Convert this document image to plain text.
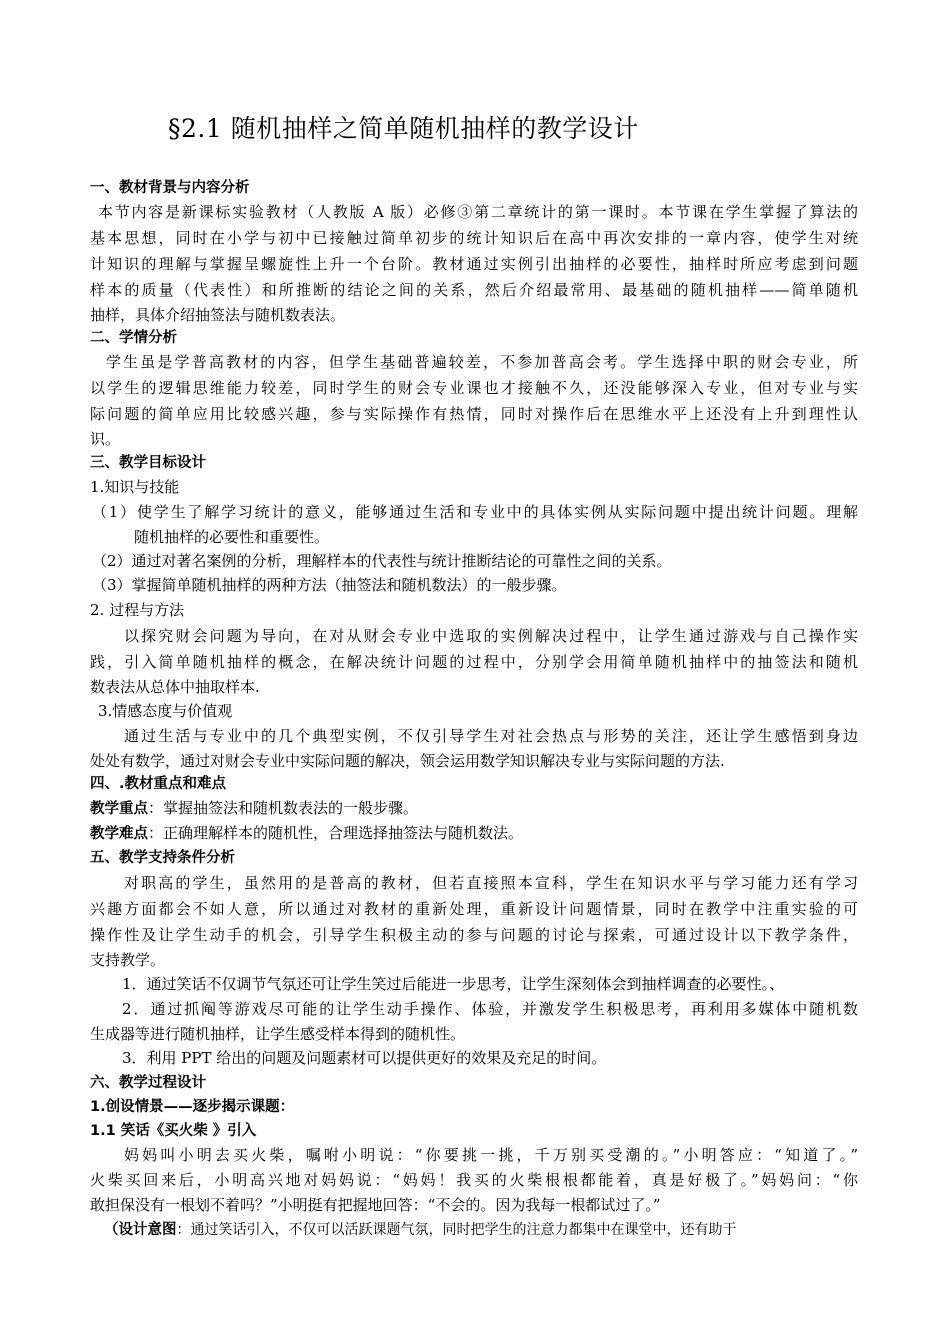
§2.1 随机抽样之简单随机抽样的教学设计
一、教材背景与内容分析
本节内容是新课标实验教材（人教版 A 版）必修③第二章统计的第一课时。本节课在学生掌握了算法的
基本思想，同时在小学与初中已接触过简单初步的统计知识后在高中再次安排的一章内容，使学生对统
计知识的理解与掌握呈螺旋性上升一个台阶。教材通过实例引出抽样的必要性，抽样时所应考虑到问题
样本的质量（代表性）和所推断的结论之间的关系，然后介绍最常用、最基础的随机抽样——简单随机
抽样，具体介绍抽签法与随机数表法。
二、学情分析
学生虽是学普高教材的内容，但学生基础普遍较差，不参加普高会考。学生选择中职的财会专业，所
以学生的逻辑思维能力较差，同时学生的财会专业课也才接触不久，还没能够深入专业，但对专业与实
际问题的简单应用比较感兴趣，参与实际操作有热情，同时对操作后在思维水平上还没有上升到理性认
识。
三、教学目标设计
1.知识与技能
（1）使学生了解学习统计的意义，能够通过生活和专业中的具体实例从实际问题中提出统计问题。理解
随机抽样的必要性和重要性。
（2）通过对著名案例的分析，理解样本的代表性与统计推断结论的可靠性之间的关系。
（3）掌握简单随机抽样的两种方法（抽签法和随机数法）的一般步骤。
2. 过程与方法
以探究财会问题为导向，在对从财会专业中选取的实例解决过程中，让学生通过游戏与自己操作实
践，引入简单随机抽样的概念，在解决统计问题的过程中，分别学会用简单随机抽样中的抽签法和随机
数表法从总体中抽取样本.
3.情感态度与价值观
通过生活与专业中的几个典型实例，不仅引导学生对社会热点与形势的关注，还让学生感悟到身边
处处有数学，通过对财会专业中实际问题的解决，领会运用数学知识解决专业与实际问题的方法.
四、.教材重点和难点
教学重点：掌握抽签法和随机数表法的一般步骤。
教学难点：正确理解样本的随机性，合理选择抽签法与随机数法。
五、教学支持条件分析
对职高的学生，虽然用的是普高的教材，但若直接照本宣科，学生在知识水平与学习能力还有学习
兴趣方面都会不如人意，所以通过对教材的重新处理，重新设计问题情景，同时在教学中注重实验的可
操作性及让学生动手的机会，引导学生积极主动的参与问题的讨论与探索，可通过设计以下教学条件，
支持教学。
1．通过笑话不仅调节气氛还可让学生笑过后能进一步思考，让学生深刻体会到抽样调查的必要性。、
2．通过抓阄等游戏尽可能的让学生动手操作、体验，并激发学生积极思考，再利用多媒体中随机数
生成器等进行随机抽样，让学生感受样本得到的随机性。
3．利用 PPT 给出的问题及问题素材可以提供更好的效果及充足的时间。
六、教学过程设计
1.创设情景——逐步揭示课题：
1.1 笑话《买火柴 》引入
妈妈叫小明去买火柴，嘱咐小明说：“你要挑一挑，千万别买受潮的。”小明答应：“知道了。”
火柴买回来后，小明高兴地对妈妈说：“妈妈！我买的火柴根根都能着，真是好极了。”妈妈问：“你
敢担保没有一根划不着吗？”小明挺有把握地回答：“不会的。因为我每一根都试过了。”
（设计意图：通过笑话引入，不仅可以活跃课题气氛，同时把学生的注意力都集中在课堂中，还有助于
